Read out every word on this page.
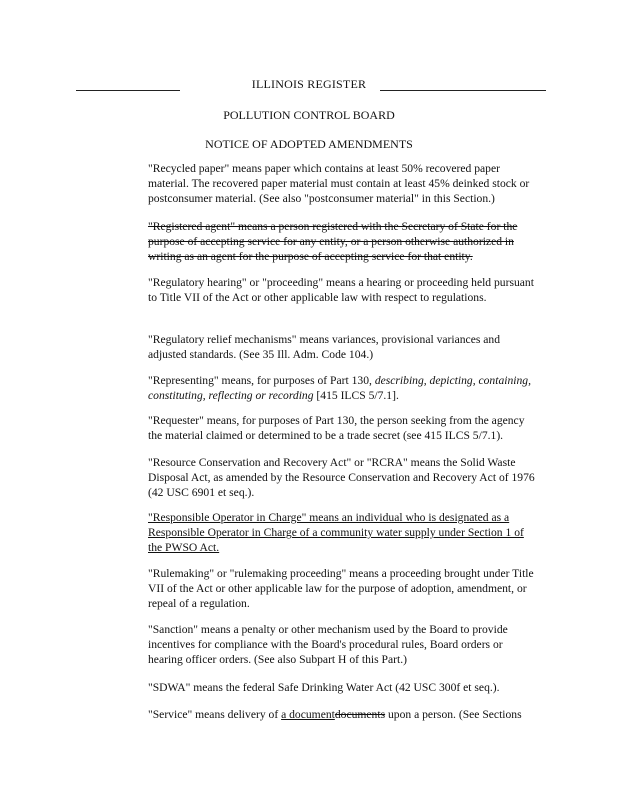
ILLINOIS REGISTER
POLLUTION CONTROL BOARD
NOTICE OF ADOPTED AMENDMENTS
"Recycled paper" means paper which contains at least 50% recovered paper material. The recovered paper material must contain at least 45% deinked stock or postconsumer material. (See also "postconsumer material" in this Section.)
"Registered agent" means a person registered with the Secretary of State for the purpose of accepting service for any entity, or a person otherwise authorized in writing as an agent for the purpose of accepting service for that entity.
"Regulatory hearing" or "proceeding" means a hearing or proceeding held pursuant to Title VII of the Act or other applicable law with respect to regulations.
"Regulatory relief mechanisms" means variances, provisional variances and adjusted standards. (See 35 Ill. Adm. Code 104.)
"Representing" means, for purposes of Part 130, describing, depicting, containing, constituting, reflecting or recording [415 ILCS 5/7.1].
"Requester" means, for purposes of Part 130, the person seeking from the agency the material claimed or determined to be a trade secret (see 415 ILCS 5/7.1).
"Resource Conservation and Recovery Act" or "RCRA" means the Solid Waste Disposal Act, as amended by the Resource Conservation and Recovery Act of 1976 (42 USC 6901 et seq.).
"Responsible Operator in Charge" means an individual who is designated as a Responsible Operator in Charge of a community water supply under Section 1 of the PWSO Act.
"Rulemaking" or "rulemaking proceeding" means a proceeding brought under Title VII of the Act or other applicable law for the purpose of adoption, amendment, or repeal of a regulation.
"Sanction" means a penalty or other mechanism used by the Board to provide incentives for compliance with the Board's procedural rules, Board orders or hearing officer orders. (See also Subpart H of this Part.)
"SDWA" means the federal Safe Drinking Water Act (42 USC 300f et seq.).
"Service" means delivery of a documentdocuments upon a person. (See Sections
